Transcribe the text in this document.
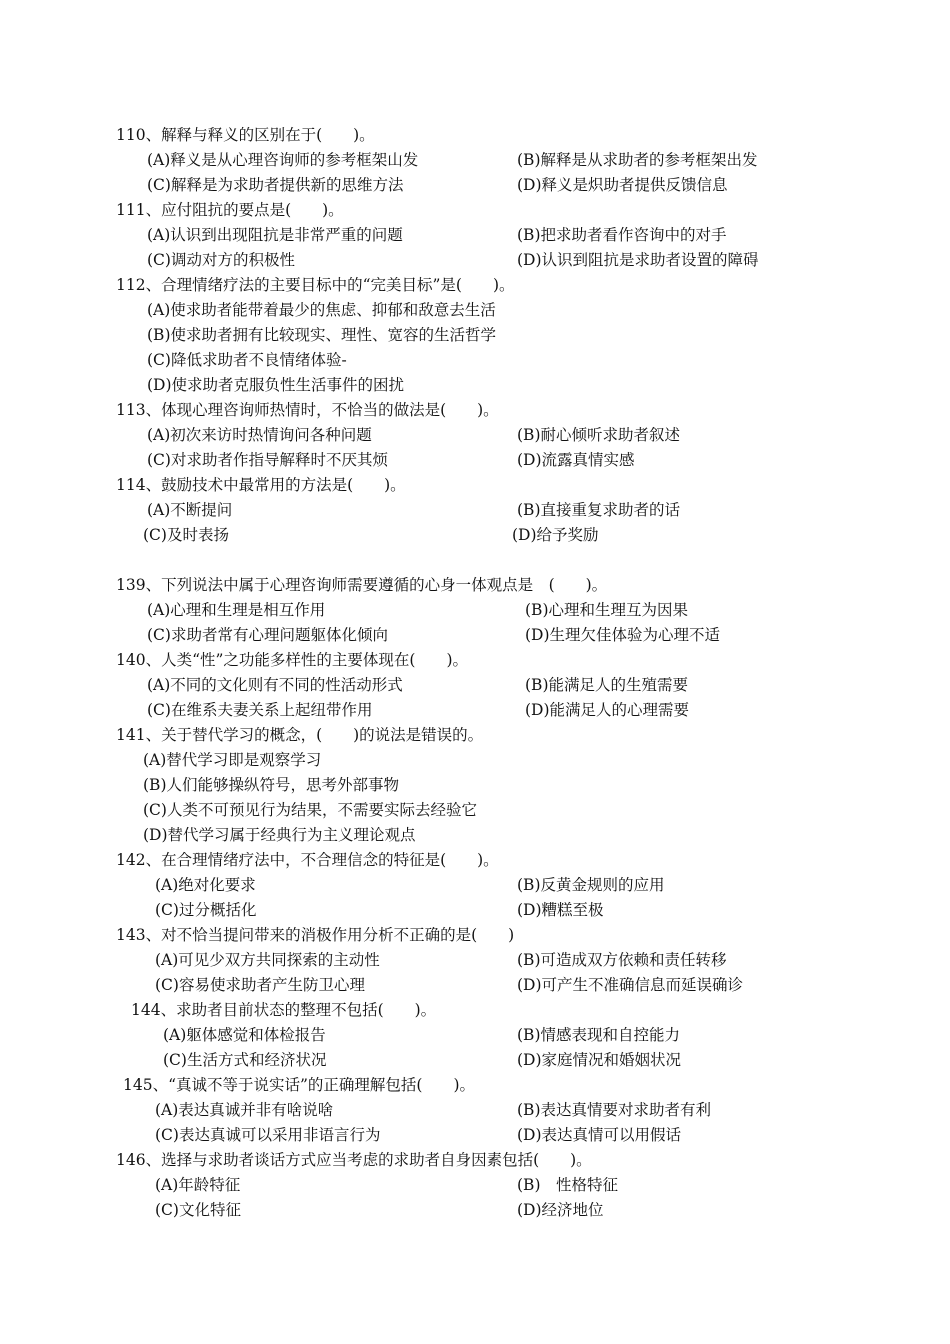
110、解释与释义的区别在于(　　)。
(A)释义是从心理咨询师的参考框架山发	(B)解释是从求助者的参考框架出发
(C)解释是为求助者提供新的思维方法	(D)释义是炽助者提供反馈信息
111、应付阻抗的要点是(　　)。
(A)认识到出现阻抗是非常严重的问题	(B)把求助者看作咨询中的对手
(C)调动对方的积极性	(D)认识到阻抗是求助者设置的障碍
112、合理情绪疗法的主要目标中的“完美目标”是(　　)。
(A)使求助者能带着最少的焦虑、抑郁和敌意去生活
(B)使求助者拥有比较现实、理性、宽容的生活哲学
(C)降低求助者不良情绪体验-
(D)使求助者克服负性生活事件的困扰
113、体现心理咨询师热情时，不恰当的做法是(　　)。
(A)初次来访时热情询问各种问题	(B)耐心倾听求助者叙述
(C)对求助者作指导解释时不厌其烦	(D)流露真情实感
114、鼓励技术中最常用的方法是(　　)。
(A)不断提问	(B)直接重复求助者的话
(C)及时表扬	(D)给予奖励
139、下列说法中属于心理咨询师需要遵循的心身一体观点是　(　　)。
(A)心理和生理是相互作用	(B)心理和生理互为因果
(C)求助者常有心理问题躯体化倾向	(D)生理欠佳体验为心理不适
140、人类“性”之功能多样性的主要体现在(　　)。
(A)不同的文化则有不同的性活动形式	(B)能满足人的生殖需要
(C)在维系夫妻关系上起纽带作用	(D)能满足人的心理需要
141、关于替代学习的概念，(　　)的说法是错误的。
(A)替代学习即是观察学习
(B)人们能够操纵符号，思考外部事物
(C)人类不可预见行为结果，不需要实际去经验它
(D)替代学习属于经典行为主义理论观点
142、在合理情绪疗法中，不合理信念的特征是(　　)。
(A)绝对化要求	(B)反黄金规则的应用
(C)过分概括化	(D)糟糕至极
143、对不恰当提问带来的消极作用分析不正确的是(　　)
(A)可见少双方共同探索的主动性	(B)可造成双方依赖和责任转移
(C)容易使求助者产生防卫心理	(D)可产生不准确信息而延误确诊
144、求助者目前状态的整理不包括(　　)。
(A)躯体感觉和体检报告	(B)情感表现和自控能力
(C)生活方式和经济状况	(D)家庭情况和婚姻状况
145、“真诚不等于说实话”的正确理解包括(　　)。
(A)表达真诚并非有啥说啥	(B)表达真情要对求助者有利
(C)表达真诚可以采用非语言行为	(D)表达真情可以用假话
146、选择与求助者谈话方式应当考虑的求助者自身因素包括(　　)。
(A)年龄特征	(B)　性格特征
(C)文化特征	(D)经济地位
